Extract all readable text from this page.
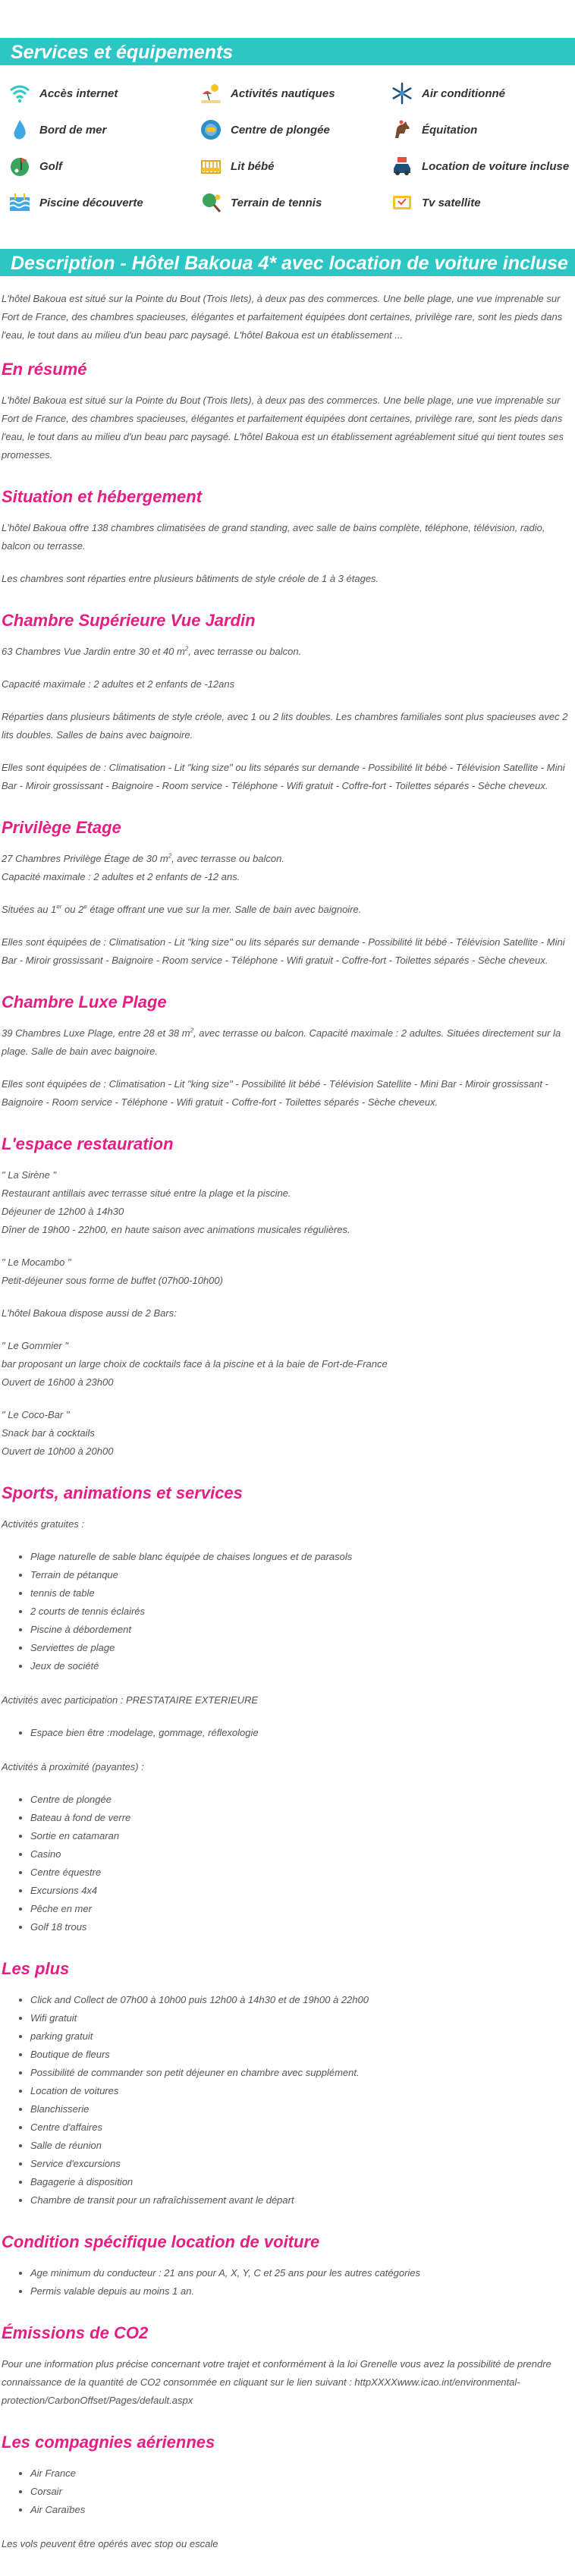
Services et équipements
Accès internet	Activités nautiques	Air conditionné
Bord de mer	Centre de plongée	Équitation
Golf	Lit bébé	Location de voiture incluse
Piscine découverte	Terrain de tennis	Tv satellite
Description - Hôtel Bakoua 4* avec location de voiture incluse

L'hôtel Bakoua est situé sur la Pointe du Bout (Trois Ilets), à deux pas des commerces. Une belle plage, une vue imprenable sur Fort de France, des chambres spacieuses, élégantes et parfaitement équipées dont certaines, privilège rare, sont les pieds dans l'eau, le tout dans au milieu d'un beau parc paysagé. L'hôtel Bakoua est un établissement ...

En résumé

L'hôtel Bakoua est situé sur la Pointe du Bout (Trois Ilets), à deux pas des commerces. Une belle plage, une vue imprenable sur Fort de France, des chambres spacieuses, élégantes et parfaitement équipées dont certaines, privilège rare, sont les pieds dans l'eau, le tout dans au milieu d'un beau parc paysagé. L'hôtel Bakoua est un établissement agréablement situé qui tient toutes ses promesses.

Situation et hébergement

L'hôtel Bakoua offre 138 chambres climatisées de grand standing, avec salle de bains complète, téléphone, télévision, radio, balcon ou terrasse.

Les chambres sont réparties entre plusieurs bâtiments de style créole de 1 à 3 étages.

Chambre Supérieure Vue Jardin

63 Chambres Vue Jardin entre 30 et 40 $m^2$, avec terrasse ou balcon.

Capacité maximale : 2 adultes et 2 enfants de -12ans

Réparties dans plusieurs bâtiments de style créole, avec 1 ou 2 lits doubles. Les chambres familiales sont plus spacieuses avec 2 lits doubles. Salles de bains avec baignoire.

Elles sont équipées de : Climatisation - Lit "king size" ou lits séparés sur demande - Possibilité lit bébé - Télévision Satellite - Mini Bar - Miroir grossissant - Baignoire - Room service - Téléphone - Wifi gratuit - Coffre-fort - Toilettes séparés - Sèche cheveux.

Privilège Etage

27 Chambres Privilège Étage de 30 $m^2$, avec terrasse ou balcon.
Capacité maximale : 2 adultes et 2 enfants de -12 ans.

Situées au 1er ou 2e étage offrant une vue sur la mer. Salle de bain avec baignoire.

Elles sont équipées de : Climatisation - Lit "king size" ou lits séparés sur demande - Possibilité lit bébé - Télévision Satellite - Mini Bar - Miroir grossissant - Baignoire - Room service - Téléphone - Wifi gratuit - Coffre-fort - Toilettes séparés - Sèche cheveux.

Chambre Luxe Plage

39 Chambres Luxe Plage, entre 28 et 38 $m^2$, avec terrasse ou balcon. Capacité maximale : 2 adultes. Situées directement sur la plage. Salle de bain avec baignoire.

Elles sont équipées de : Climatisation - Lit "king size" - Possibilité lit bébé - Télévision Satellite - Mini Bar - Miroir grossissant - Baignoire - Room service - Téléphone - Wifi gratuit - Coffre-fort - Toilettes séparés - Sèche cheveux.

L'espace restauration

" La Sirène "
Restaurant antillais avec terrasse situé entre la plage et la piscine.
Déjeuner de 12h00 à 14h30
Dîner de 19h00 - 22h00, en haute saison avec animations musicales régulières.

" Le Mocambo "
Petit-déjeuner sous forme de buffet (07h00-10h00)

L'hôtel Bakoua dispose aussi de 2 Bars:

" Le Gommier "
bar proposant un large choix de cocktails face à la piscine et à la baie de Fort-de-France
Ouvert de 16h00 à 23h00

" Le Coco-Bar "
Snack bar à cocktails
Ouvert de 10h00 à 20h00

Sports, animations et services

Activités gratuites :

• Plage naturelle de sable blanc équipée de chaises longues et de parasols
• Terrain de pétanque
• tennis de table
• 2 courts de tennis éclairés
• Piscine à débordement
• Serviettes de plage
• Jeux de société

Activités avec participation : PRESTATAIRE EXTERIEURE

• Espace bien être :modelage, gommage, réflexologie

Activités à proximité (payantes) :

• Centre de plongée
• Bateau à fond de verre
• Sortie en catamaran
• Casino
• Centre équestre
• Excursions 4x4
• Pêche en mer
• Golf 18 trous
Les plus
• Click and Collect de 07h00 à 10h00 puis 12h00 à 14h30 et de 19h00 à 22h00
• Wifi gratuit
• parking gratuit
• Boutique de fleurs
• Possibilité de commander son petit déjeuner en chambre avec supplément.
• Location de voitures
• Blanchisserie
• Centre d'affaires
• Salle de réunion
• Service d'excursions
• Bagagerie à disposition
• Chambre de transit pour un rafraîchissement avant le départ
Condition spécifique location de voiture
• Age minimum du conducteur : 21 ans pour A, X, Y, C et 25 ans pour les autres catégories
• Permis valable depuis au moins 1 an.
Émissions de CO2

Pour une information plus précise concernant votre trajet et conformément à la loi Grenelle vous avez la possibilité de prendre connaissance de la quantité de CO2 consommée en cliquant sur le lien suivant : httpXXXXwww.icao.int/environmental-protection/CarbonOffset/Pages/default.aspx

Les compagnies aériennes
• Air France
• Corsair
• Air Caraïbes

Les vols peuvent être opérés avec stop ou escale
